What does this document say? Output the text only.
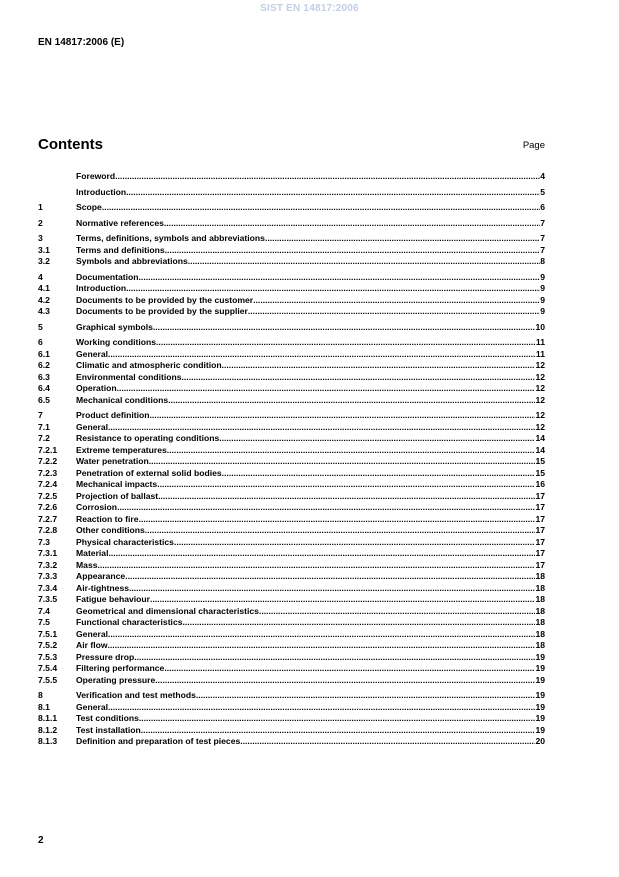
SIST EN 14817:2006
EN 14817:2006 (E)
Contents	Page
Foreword .....	4
Introduction .....	5
1	Scope .....	6
2	Normative references .....	7
3	Terms, definitions, symbols and abbreviations .....	7
3.1	Terms and definitions .....	7
3.2	Symbols and abbreviations .....	8
4	Documentation .....	9
4.1	Introduction .....	9
4.2	Documents to be provided by the customer .....	9
4.3	Documents to be provided by the supplier .....	9
5	Graphical symbols .....	10
6	Working conditions .....	11
6.1	General .....	11
6.2	Climatic and atmospheric condition .....	12
6.3	Environmental conditions .....	12
6.4	Operation .....	12
6.5	Mechanical conditions .....	12
7	Product definition .....	12
7.1	General .....	12
7.2	Resistance to operating conditions .....	14
7.2.1	Extreme temperatures .....	14
7.2.2	Water penetration .....	15
7.2.3	Penetration of external solid bodies .....	15
7.2.4	Mechanical impacts .....	16
7.2.5	Projection of ballast .....	17
7.2.6	Corrosion .....	17
7.2.7	Reaction to fire .....	17
7.2.8	Other conditions .....	17
7.3	Physical characteristics .....	17
7.3.1	Material .....	17
7.3.2	Mass .....	17
7.3.3	Appearance .....	18
7.3.4	Air-tightness .....	18
7.3.5	Fatigue behaviour .....	18
7.4	Geometrical and dimensional characteristics .....	18
7.5	Functional characteristics .....	18
7.5.1	General .....	18
7.5.2	Air flow .....	18
7.5.3	Pressure drop .....	19
7.5.4	Filtering performance .....	19
7.5.5	Operating pressure .....	19
8	Verification and test methods .....	19
8.1	General .....	19
8.1.1	Test conditions .....	19
8.1.2	Test installation .....	19
8.1.3	Definition and preparation of test pieces .....	20
2
